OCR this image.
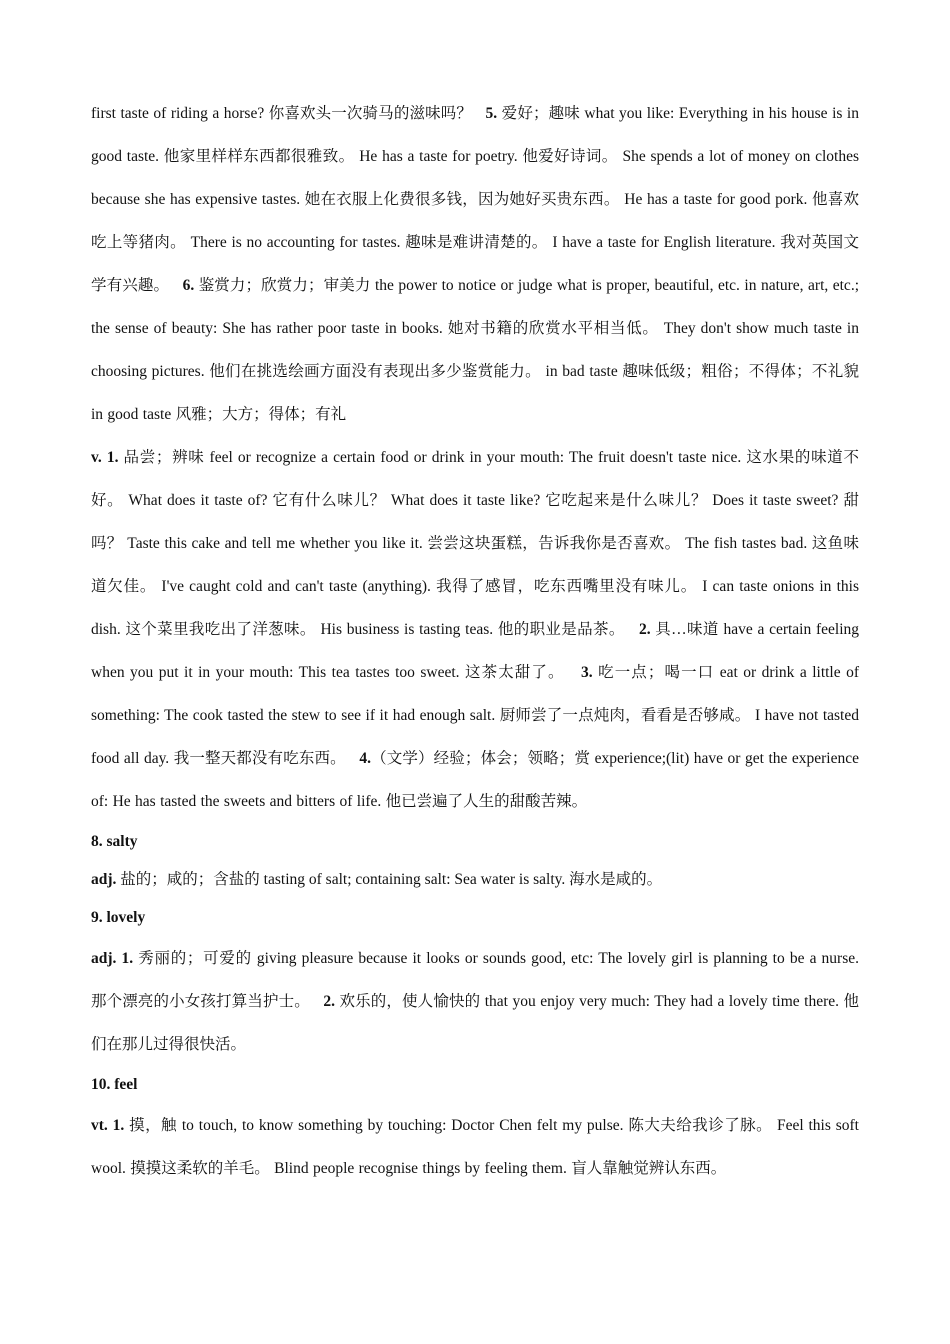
first taste of riding a horse? 你喜欢头一次骑马的滋味吗？ 5. 爱好；趣味 what you like: Everything in his house is in good taste. 他家里样样东西都很雅致。 He has a taste for poetry. 他爱好诗词。 She spends a lot of money on clothes because she has expensive tastes. 她在衣服上化费很多钱，因为她好买贵东西。 He has a taste for good pork. 他喜欢吃上等猪肉。 There is no accounting for tastes. 趣味是难讲清楚的。 I have a taste for English literature. 我对英国文学有兴趣。 6. 鉴赏力；欣赏力；审美力 the power to notice or judge what is proper, beautiful, etc. in nature, art, etc.; the sense of beauty: She has rather poor taste in books. 她对书籍的欣赏水平相当低。 They don't show much taste in choosing pictures. 他们在挑选绘画方面没有表现出多少鉴赏能力。 in bad taste 趣味低级；粗俗；不得体；不礼貌 in good taste 风雅；大方；得体；有礼

v. 1. 品尝；辨味 feel or recognize a certain food or drink in your mouth: The fruit doesn't taste nice. 这水果的味道不好。 What does it taste of? 它有什么味儿？ What does it taste like? 它吃起来是什么味儿？ Does it taste sweet? 甜吗？ Taste this cake and tell me whether you like it. 尝尝这块蛋糕，告诉我你是否喜欢。 The fish tastes bad. 这鱼味道欠佳。 I've caught cold and can't taste (anything). 我得了感冒，吃东西嘴里没有味儿。 I can taste onions in this dish. 这个菜里我吃出了洋葱味。 His business is tasting teas. 他的职业是品茶。 2. 具…味道 have a certain feeling when you put it in your mouth: This tea tastes too sweet. 这茶太甜了。 3. 吃一点；喝一口 eat or drink a little of something: The cook tasted the stew to see if it had enough salt. 厨师尝了一点炖肉，看看是否够咸。 I have not tasted food all day. 我一整天都没有吃东西。 4.（文学）经验；体会；领略；赏 experience;(lit) have or get the experience of: He has tasted the sweets and bitters of life. 他已尝遍了人生的甜酸苦辣。

8. salty

adj. 盐的；咸的；含盐的 tasting of salt; containing salt: Sea water is salty. 海水是咸的。

9. lovely

adj. 1. 秀丽的；可爱的 giving pleasure because it looks or sounds good, etc: The lovely girl is planning to be a nurse. 那个漂亮的小女孩打算当护士。 2. 欢乐的，使人愉快的 that you enjoy very much: They had a lovely time there. 他们在那儿过得很快活。

10. feel

vt. 1. 摸，触 to touch, to know something by touching: Doctor Chen felt my pulse. 陈大夫给我诊了脉。 Feel this soft wool. 摸摸这柔软的羊毛。 Blind people recognise things by feeling them. 盲人靠触觉辨认东西。
